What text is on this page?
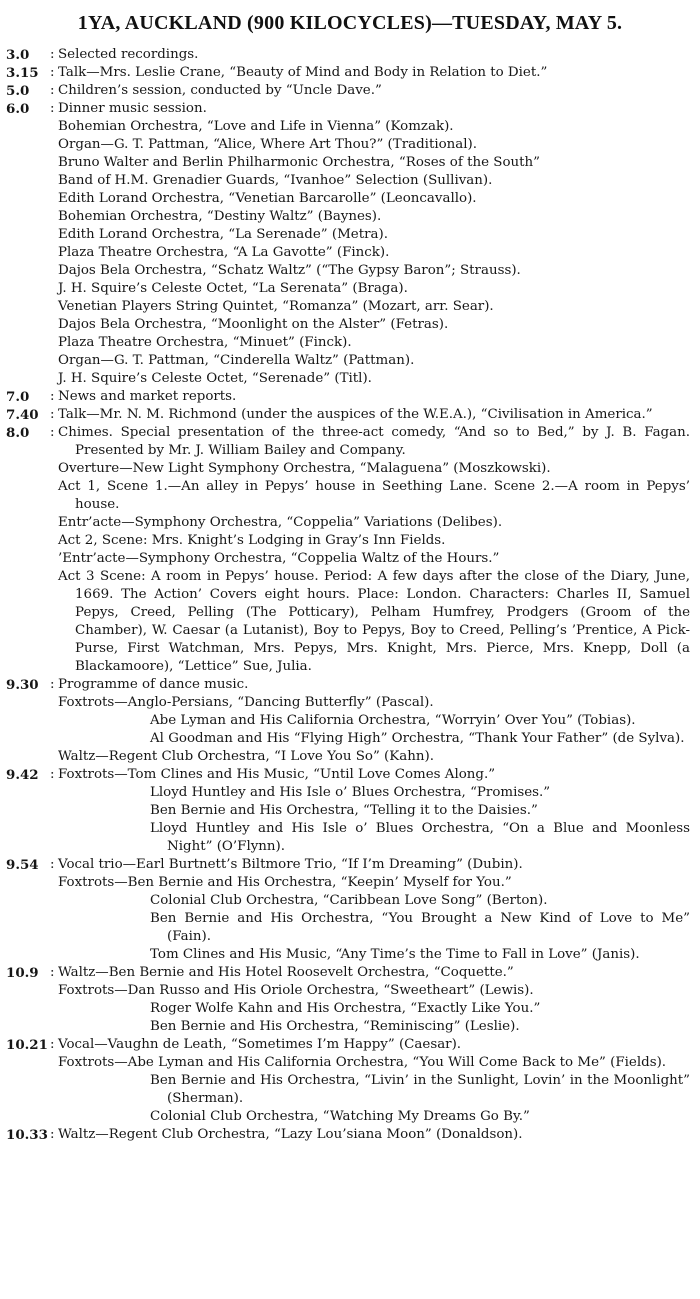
1YA, AUCKLAND (900 KILOCYCLES)—TUESDAY, MAY 5.
3.0	: Selected recordings.
3.15 : Talk—Mrs. Leslie Crane, “Beauty of Mind and Body in Relation to Diet.”
5.0	: Children’s session, conducted by “Uncle Dave.”
6.0	: Dinner music session.
Bohemian Orchestra, “Love and Life in Vienna” (Komzak).
Organ—G. T. Pattman, “Alice, Where Art Thou?” (Traditional).
Bruno Walter and Berlin Philharmonic Orchestra, “Roses of the South”
Band of H.M. Grenadier Guards, “Ivanhoe” Selection (Sullivan).
Edith Lorand Orchestra, “Venetian Barcarolle” (Leoncavallo).
Bohemian Orchestra, “Destiny Waltz” (Baynes).
Edith Lorand Orchestra, “La Serenade” (Metra).
Plaza Theatre Orchestra, “A La Gavotte” (Finck).
Dajos Bela Orchestra, “Schatz Waltz” (“The Gypsy Baron”; Strauss).
J. H. Squire’s Celeste Octet, “La Serenata” (Braga).
Venetian Players String Quintet, “Romanza” (Mozart, arr. Sear).
Dajos Bela Orchestra, “Moonlight on the Alster” (Fetras).
Plaza Theatre Orchestra, “Minuet” (Finck).
Organ—G. T. Pattman, “Cinderella Waltz” (Pattman).
J. H. Squire’s Celeste Octet, “Serenade” (Titl).
7.0	: News and market reports.
7.40 : Talk—Mr. N. M. Richmond (under the auspices of the W.E.A.), “Civilisation in America.”
8.0	: Chimes. Special presentation of the three-act comedy, “And so to Bed,” by J. B. Fagan. Presented by Mr. J. William Bailey and Company.
Overture—New Light Symphony Orchestra, “Malaguena” (Moszkowski).
Act 1, Scene 1.—An alley in Pepys’ house in Seething Lane. Scene 2.—A room in Pepys’ house.
Entr’acte—Symphony Orchestra, “Coppelia” Variations (Delibes).
Act 2, Scene: Mrs. Knight’s Lodging in Gray’s Inn Fields.
’Entr’acte—Symphony Orchestra, “Coppelia Waltz of the Hours.”
Act 3 Scene: A room in Pepys’ house. Period: A few days after the close of the Diary, June, 1669. The Action’ Covers eight hours. Place: London. Characters: Charles II, Samuel Pepys, Creed, Pelling (The Potticary), Pelham Humfrey, Prodgers (Groom of the Chamber), W. Caesar (a Lutanist), Boy to Pepys, Boy to Creed, Pelling’s ’Prentice, A Pick-Purse, First Watchman, Mrs. Pepys, Mrs. Knight, Mrs. Pierce, Mrs. Knepp, Doll (a Blackamoore), “Lettice” Sue, Julia.
9.30 : Programme of dance music.
Foxtrots—Anglo-Persians, “Dancing Butterfly” (Pascal).
Abe Lyman and His California Orchestra, “Worryin’ Over You” (Tobias).
Al Goodman and His “Flying High” Orchestra, “Thank Your Father” (de Sylva).
Waltz—Regent Club Orchestra, “I Love You So” (Kahn).
9.42 : Foxtrots—Tom Clines and His Music, “Until Love Comes Along.”
Lloyd Huntley and His Isle o’ Blues Orchestra, “Promises.”
Ben Bernie and His Orchestra, “Telling it to the Daisies.”
Lloyd Huntley and His Isle o’ Blues Orchestra, “On a Blue and Moonless Night” (O’Flynn).
9.54 : Vocal trio—Earl Burtnett’s Biltmore Trio, “If I’m Dreaming” (Dubin).
Foxtrots—Ben Bernie and His Orchestra, “Keepin’ Myself for You.”
Colonial Club Orchestra, “Caribbean Love Song” (Berton).
Ben Bernie and His Orchestra, “You Brought a New Kind of Love to Me” (Fain).
Tom Clines and His Music, “Any Time’s the Time to Fall in Love” (Janis).
10.9 : Waltz—Ben Bernie and His Hotel Roosevelt Orchestra, “Coquette.”
Foxtrots—Dan Russo and His Oriole Orchestra, “Sweetheart” (Lewis).
Roger Wolfe Kahn and His Orchestra, “Exactly Like You.”
Ben Bernie and His Orchestra, “Reminiscing” (Leslie).
10.21 : Vocal—Vaughn de Leath, “Sometimes I’m Happy” (Caesar).
Foxtrots—Abe Lyman and His California Orchestra, “You Will Come Back to Me” (Fields).
Ben Bernie and His Orchestra, “Livin’ in the Sunlight, Lovin’ in the Moonlight” (Sherman).
Colonial Club Orchestra, “Watching My Dreams Go By.”
10.33 : Waltz—Regent Club Orchestra, “Lazy Lou’siana Moon” (Donaldson).
